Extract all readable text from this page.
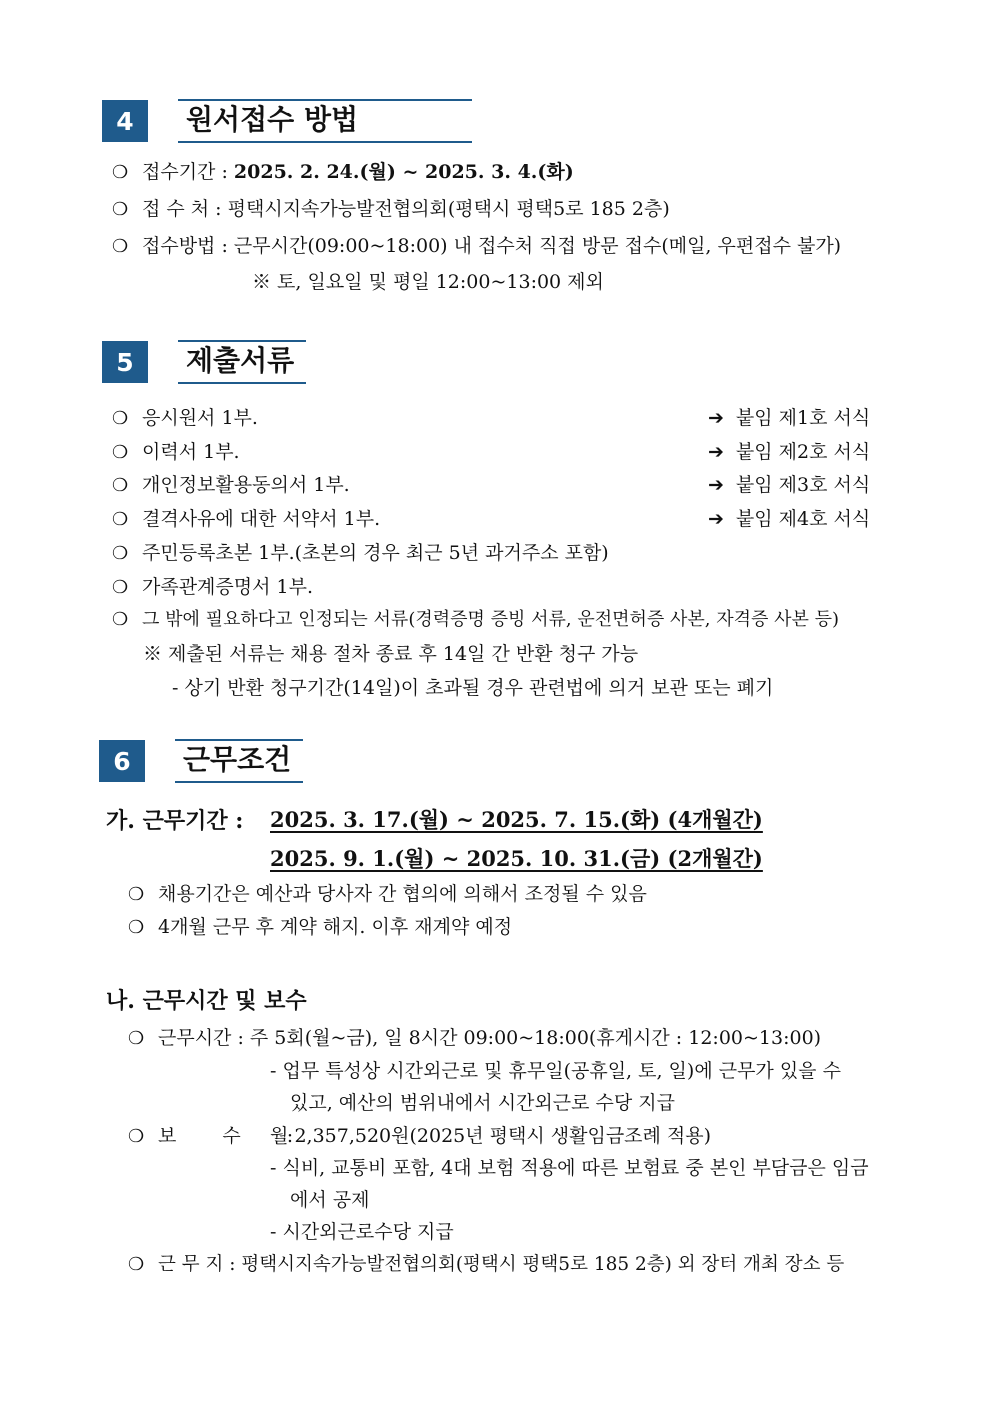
4	원서접수 방법
❍ 접수기간 : 2025. 2. 24.(월) ~ 2025. 3. 4.(화)
❍ 접 수 처 : 평택시지속가능발전협의회(평택시 평택5로 185 2층)
❍ 접수방법 : 근무시간(09:00~18:00) 내 접수처 직접 방문 접수(메일, 우편접수 불가)
※ 토, 일요일 및 평일 12:00~13:00 제외
5	제출서류
❍ 응시원서 1부.	➔ 붙임 제1호 서식
❍ 이력서 1부.	➔ 붙임 제2호 서식
❍ 개인정보활용동의서 1부.	➔ 붙임 제3호 서식
❍ 결격사유에 대한 서약서 1부.	➔ 붙임 제4호 서식
❍ 주민등록초본 1부.(초본의 경우 최근 5년 과거주소 포함)
❍ 가족관계증명서 1부.
❍ 그 밖에 필요하다고 인정되는 서류(경력증명 증빙 서류, 운전면허증 사본, 자격증 사본 등)
※ 제출된 서류는 채용 절차 종료 후 14일 간 반환 청구 가능
- 상기 반환 청구기간(14일)이 초과될 경우 관련법에 의거 보관 또는 폐기
6	근무조건
가. 근무기간 : 2025. 3. 17.(월) ~ 2025. 7. 15.(화) (4개월간)
2025. 9. 1.(월) ~ 2025. 10. 31.(금) (2개월간)
❍ 채용기간은 예산과 당사자 간 협의에 의해서 조정될 수 있음
❍ 4개월 근무 후 계약 해지. 이후 재계약 예정
나. 근무시간 및 보수
❍ 근무시간 : 주 5회(월~금), 일 8시간 09:00~18:00(휴게시간 : 12:00~13:00)
- 업무 특성상 시간외근로 및 휴무일(공휴일, 토, 일)에 근무가 있을 수
있고, 예산의 범위내에서 시간외근로 수당 지급
❍ 보 수 : 월 2,357,520원(2025년 평택시 생활임금조례 적용)
- 식비, 교통비 포함, 4대 보험 적용에 따른 보험료 중 본인 부담금은 임금
에서 공제
- 시간외근로수당 지급
❍ 근 무 지 : 평택시지속가능발전협의회(평택시 평택5로 185 2층) 외 장터 개최 장소 등
